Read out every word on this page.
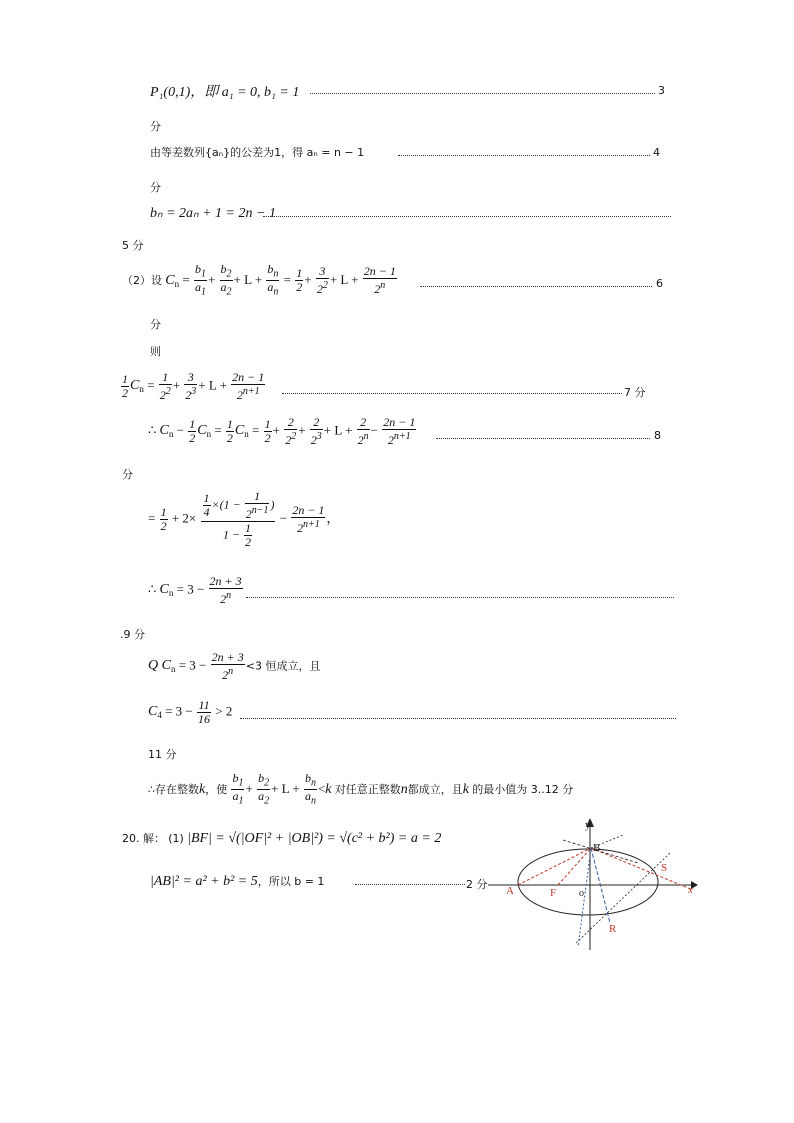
P₁(0,1)，即 a₁ = 0, b₁ = 1	3
分
由等差数列{aₙ}的公差为1，得 aₙ = n − 1	4
分
bₙ = 2aₙ + 1 = 2n − 1
5 分
（2）设 $C_n = \frac{b_1}{a_1} + \frac{b_2}{a_2} + L + \frac{b_n}{a_n} = \frac{1}{2} + \frac{3}{2^2} + L + \frac{2n - 1}{2^n}$	6
分
则
$\frac{1}{2} C_n = \frac{1}{2^2} + \frac{3}{2^3} + L + \frac{2n - 1}{2^{n+1}}$	7 分
∴ $C_n - \frac{1}{2} C_n = \frac{1}{2} C_n = \frac{1}{2} + \frac{2}{2^2} + \frac{2}{2^3} + L + \frac{2}{2^n} - \frac{2n - 1}{2^{n+1}}$	8
分
= $\frac{1}{2} + 2\times \frac{\frac{1}{4} \times(1 - \frac{1}{2^{n-1}} )}{1 - \frac{1}{2}} - \frac{2n - 1}{2^{n+1}}$ ，
∴ $C_n = 3 - \frac{2n + 3}{2^n}$
.9 分
Q $C_n = 3 - \frac{2n + 3}{2^n} <3$ 恒成立，且
$C_4 = 3 - \frac{11}{16} > 2$
11 分
∴存在整数k，使 $\frac{b_1}{a_1} + \frac{b_2}{a_2} + L + \frac{b_n}{a_n} <k$ 对任意正整数n都成立，且k 的最小值为 3..12 分
20. 解： (1) |BF| = √(|OF|² + |OB|²) = √(c² + b²) = a = 2
|AB|² = a² + b² = 5，所以 b = 1	2 分
y
x
B
A	F o
S
R
